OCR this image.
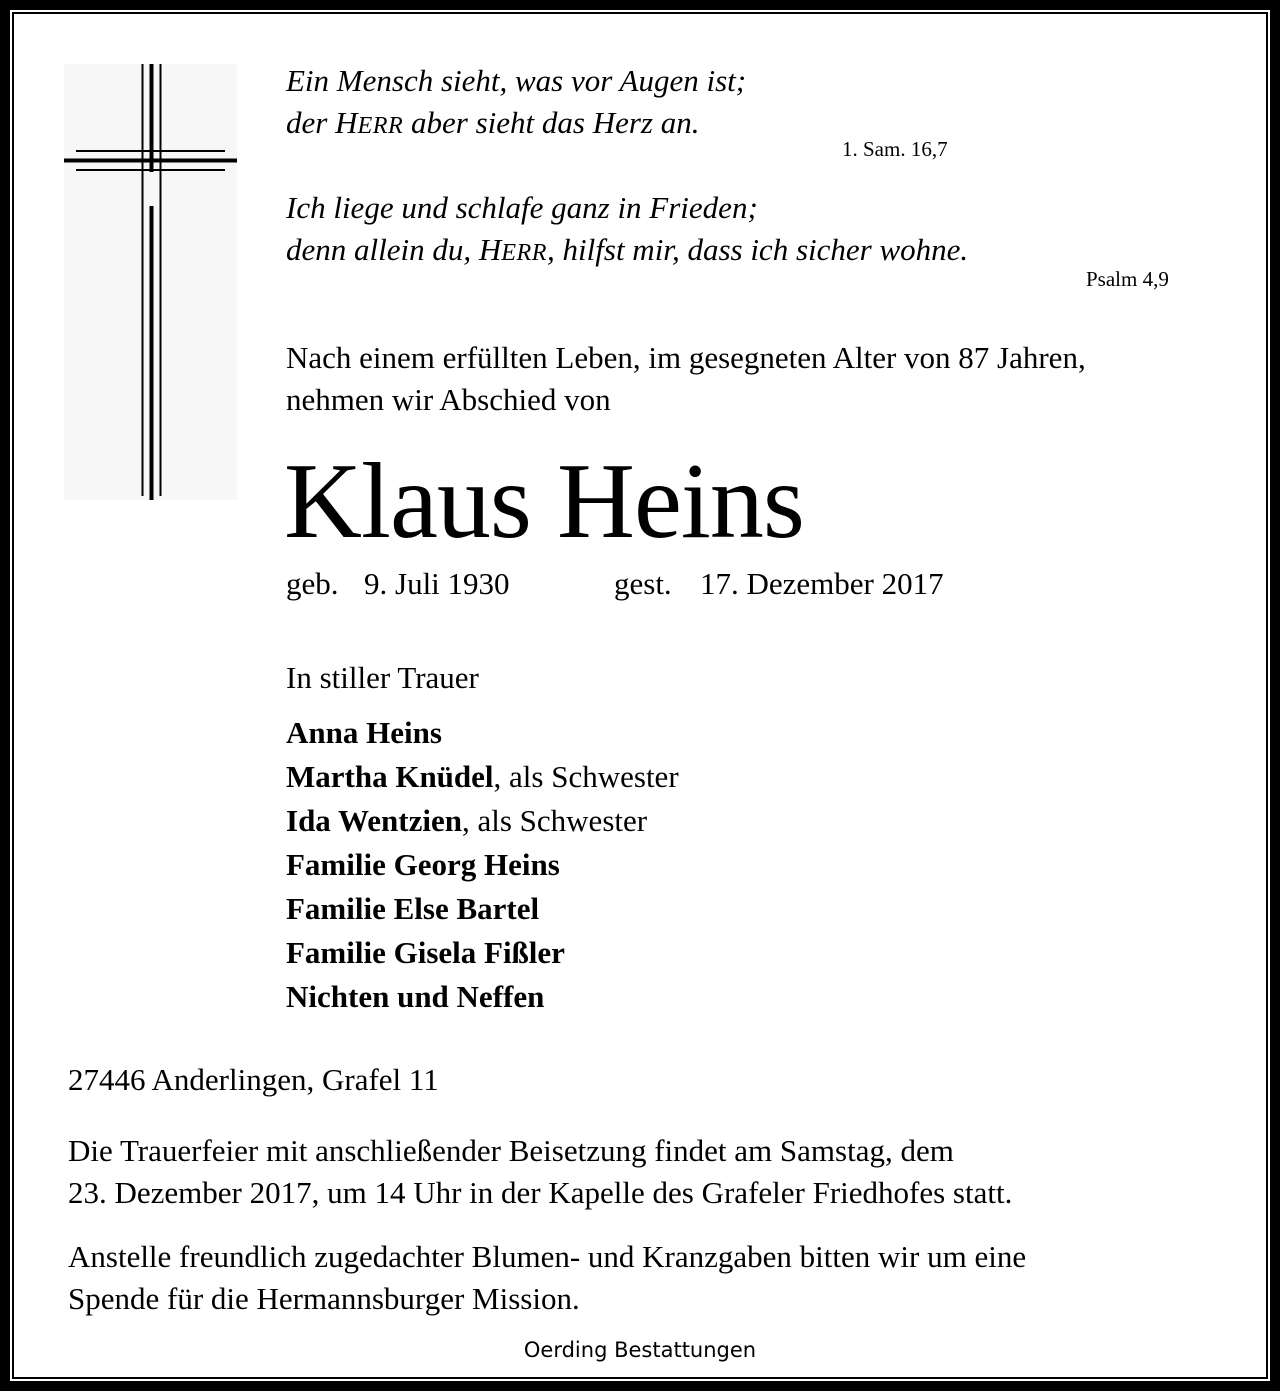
Ein Mensch sieht, was vor Augen ist;
der HERR aber sieht das Herz an.
1. Sam. 16,7
Ich liege und schlafe ganz in Frieden;
denn allein du, HERR, hilfst mir, dass ich sicher wohne.
Psalm 4,9
Nach einem erfüllten Leben, im gesegneten Alter von 87 Jahren,
nehmen wir Abschied von
Klaus Heins
geb. 9. Juli 1930	gest. 17. Dezember 2017
In stiller Trauer
Anna Heins
Martha Knüdel, als Schwester
Ida Wentzien, als Schwester
Familie Georg Heins
Familie Else Bartel
Familie Gisela Fißler
Nichten und Neffen
27446 Anderlingen, Grafel 11
Die Trauerfeier mit anschließender Beisetzung findet am Samstag, dem
23. Dezember 2017, um 14 Uhr in der Kapelle des Grafeler Friedhofes statt.
Anstelle freundlich zugedachter Blumen- und Kranzgaben bitten wir um eine
Spende für die Hermannsburger Mission.
Oerding Bestattungen
